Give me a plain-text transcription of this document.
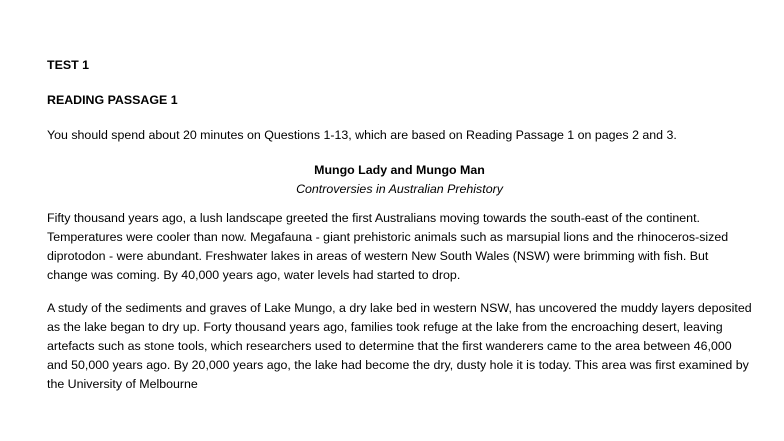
TEST 1

READING PASSAGE 1

You should spend about 20 minutes on Questions 1-13, which are based on Reading Passage 1 on pages 2 and 3.

Mungo Lady and Mungo Man
Controversies in Australian Prehistory

Fifty thousand years ago, a lush landscape greeted the first Australians moving towards the south-east of the continent. Temperatures were cooler than now. Megafauna - giant prehistoric animals such as marsupial lions and the rhinoceros-sized diprotodon - were abundant. Freshwater lakes in areas of western New South Wales (NSW) were brimming with fish. But change was coming. By 40,000 years ago, water levels had started to drop.

A study of the sediments and graves of Lake Mungo, a dry lake bed in western NSW, has uncovered the muddy layers deposited as the lake began to dry up. Forty thousand years ago, families took refuge at the lake from the encroaching desert, leaving artefacts such as stone tools, which researchers used to determine that the first wanderers came to the area between 46,000 and 50,000 years ago. By 20,000 years ago, the lake had become the dry, dusty hole it is today. This area was first examined by the University of Melbourne
